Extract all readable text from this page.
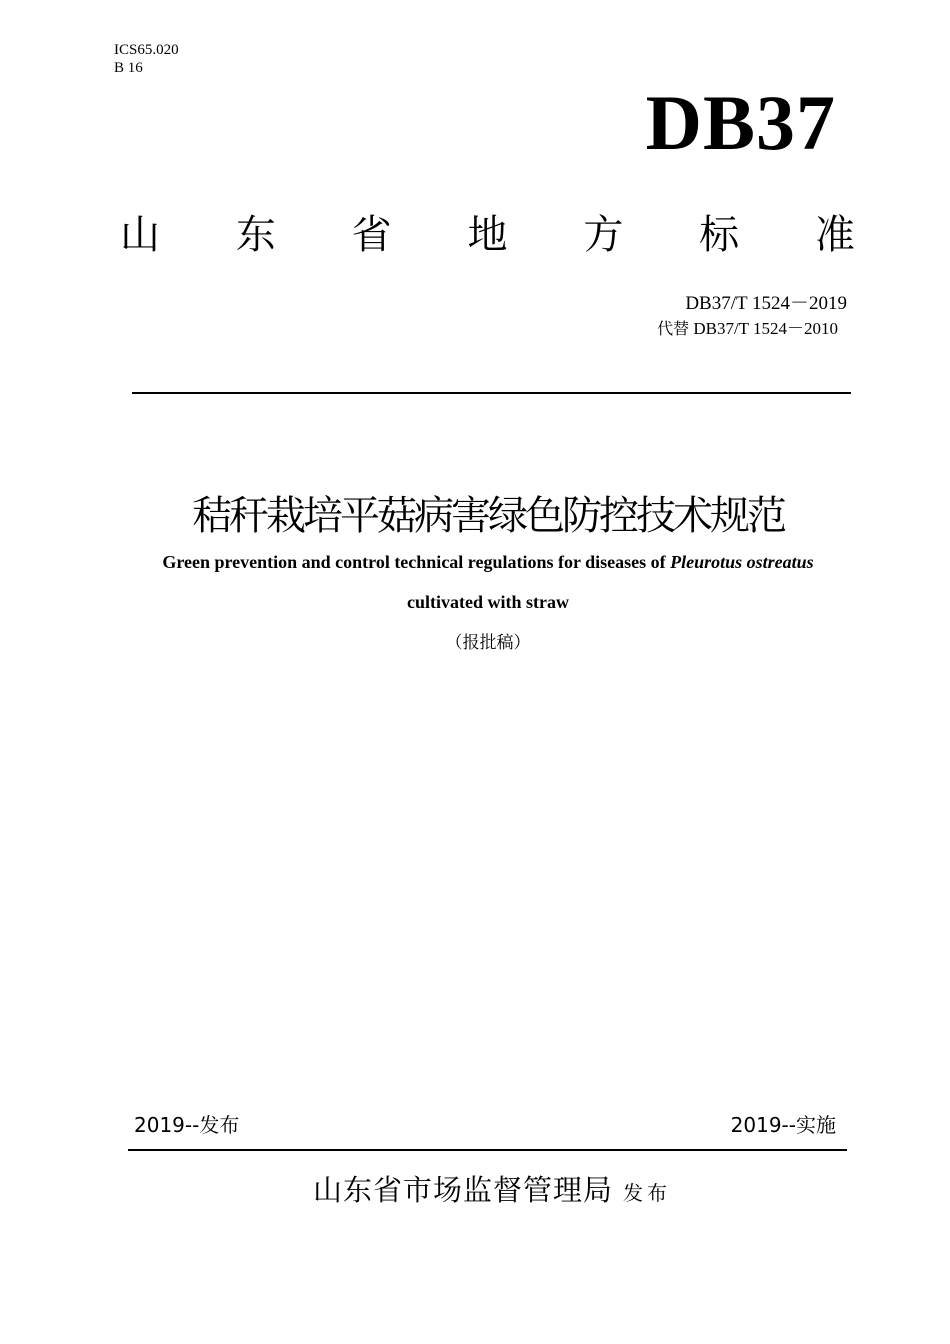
ICS65.020
B 16
DB37
山 东 省 地 方 标 准
DB37/T 1524－2019
代替 DB37/T 1524－2010
秸秆栽培平菇病害绿色防控技术规范
Green prevention and control technical regulations for diseases of Pleurotus ostreatus
cultivated with straw
（报批稿）
2019--发布	2019--实施
山东省市场监督管理局 发布
